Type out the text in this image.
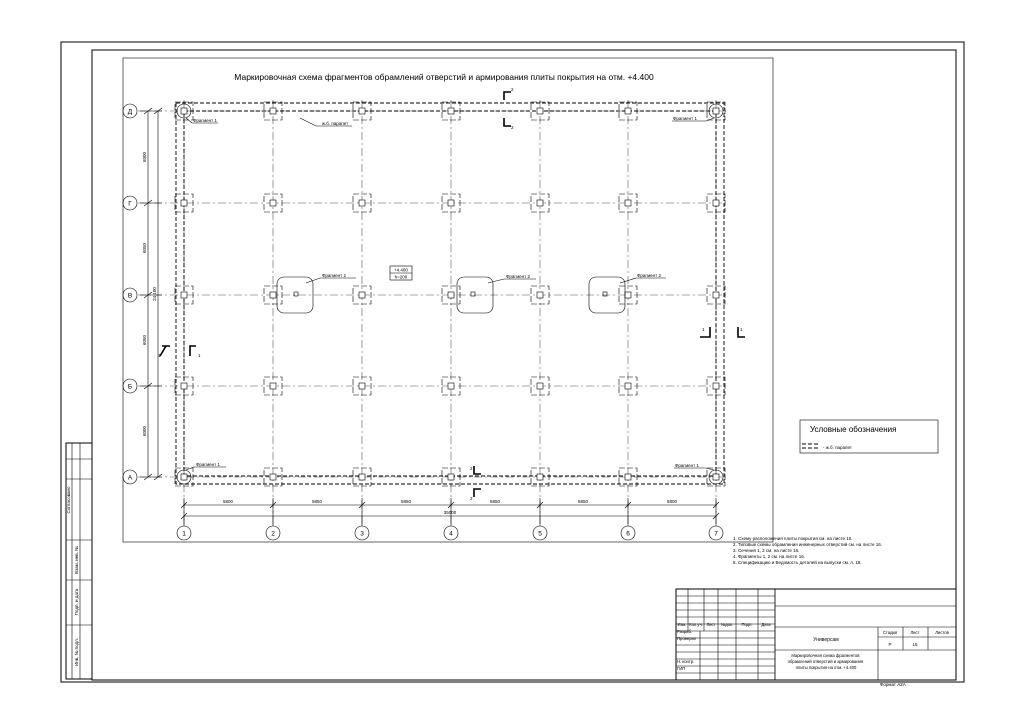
Маркировочная схема фрагментов обрамлений отверстий и армирования плиты покрытия на отм. +4.400
Фрагмент 1	Фрагмент 1
Фрагмент 1	Фрагмент 1
Фрагмент 2	Фрагмент 2	Фрагмент 2
ж.б. парапет
+4.400
h=200
2
2
2
2
1	1
1	1
6000
6050
6050
6000
24 100
5800	5850	5850	5850	5850	5800
35000
1	2	3	4	5	6	7
Д
Г
В
Б
А
Условные обозначения
- ж.б. парапет
1. Схему расположения плиты покрытия см. на листе 10.
2. Типовые схемы обрамления инженерных отверстий см. на листе 16.
3. Сечения 1, 2 см. на листе 16.
4. Фрагменты 1, 2 см. на листе 16.
5. Спецификацию и Ведомость деталей на выпуски см. л. 18.
Согласовано
Взам. инв. №
Подп. и дата
Инв. № подл.
Изм. Кол.уч. Лист №док. Подп. Дата
Разраб.
Проверил
Н. контр.
ГИП
Универсам
Стадия	Лист	Листов
Р	15
Маркировочная схема фрагментов обрамлений отверстий и армирования плиты покрытия на отм. +4.400
Формат А2А
